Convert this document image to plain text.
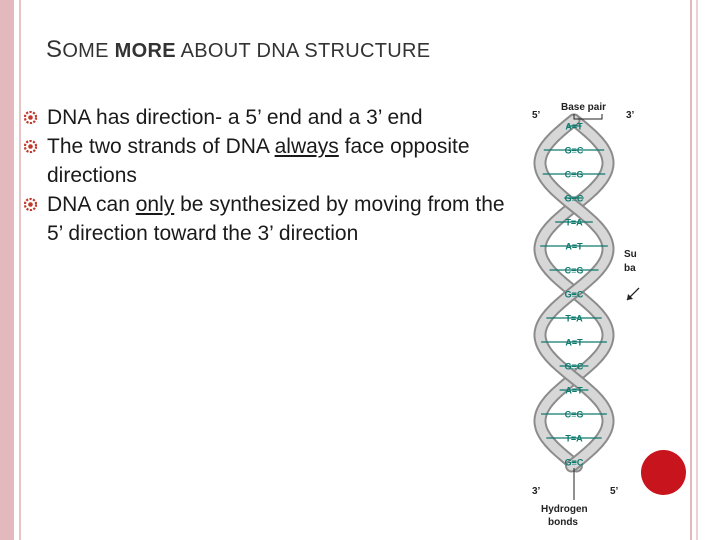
SOME MORE ABOUT DNA STRUCTURE
DNA has direction- a 5’ end and a 3’ end
The two strands of DNA always face opposite directions
DNA can only be synthesized by moving from the 5’ direction toward the 3’ direction
A=T
G≡C
C≡G
G≡C
T=A
A=T
C≡G
G≡C
T=A
A=T
G≡C
A=T
C≡G
T=A
G≡C
5’	3’
Base pair
Su
ba
3’	5’
Hydrogen
bonds
